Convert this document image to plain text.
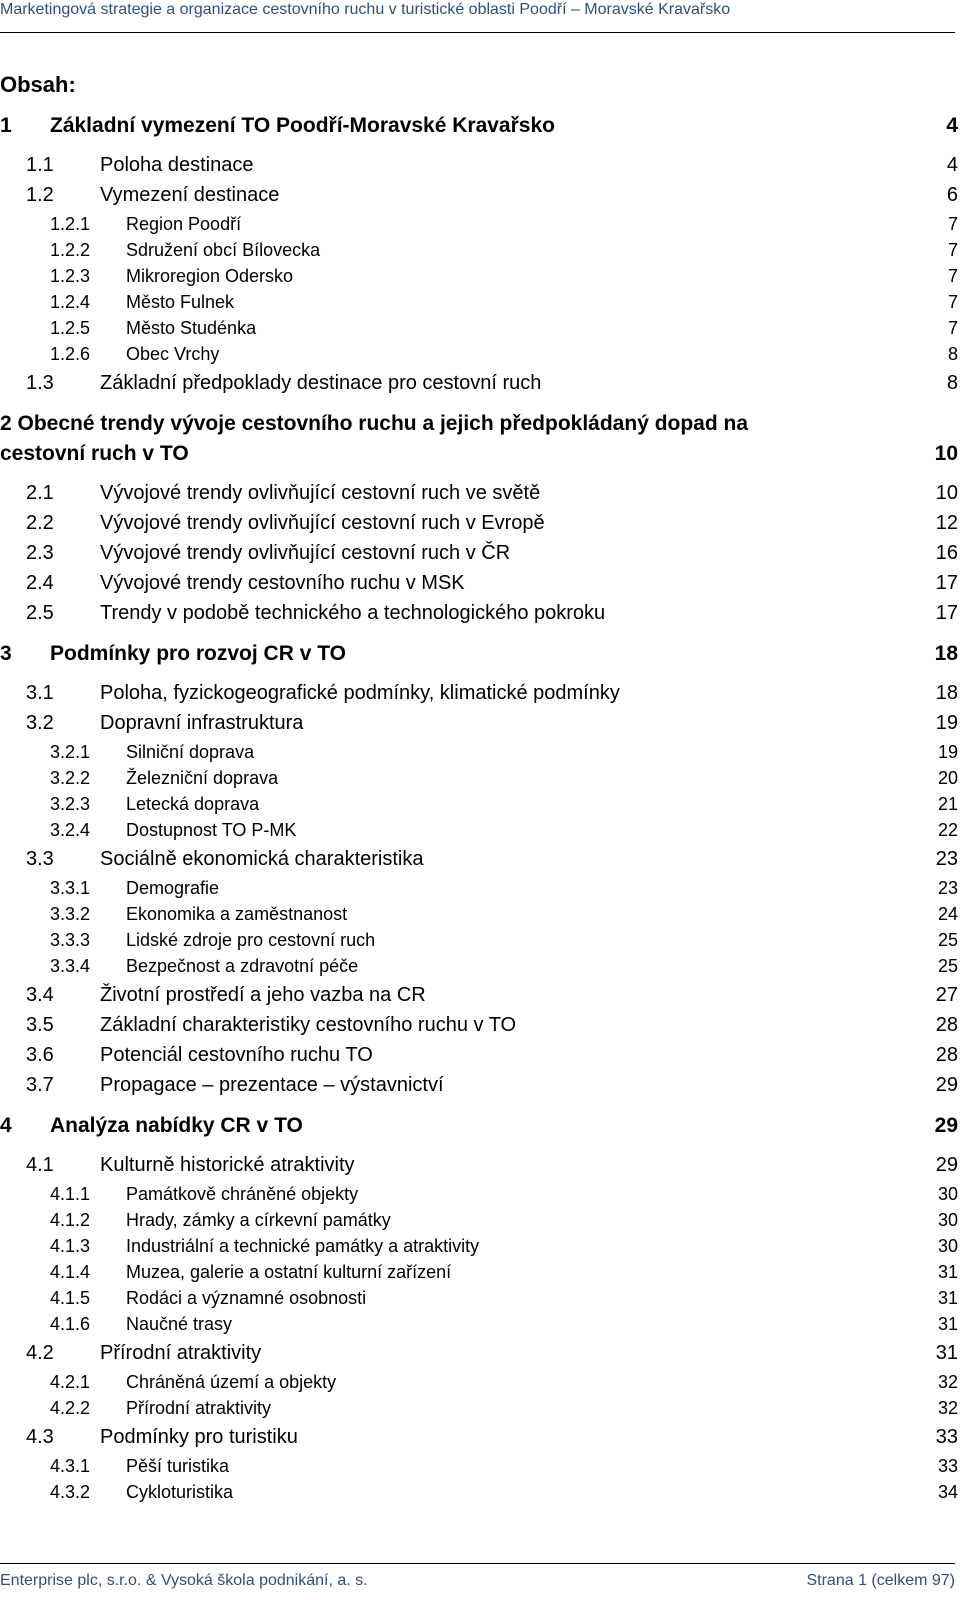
Marketingová strategie a organizace cestovního ruchu v turistické oblasti Poodří – Moravské Kravařsko
Obsah:
1 Základní vymezení TO Poodří-Moravské Kravařsko	4
1.1 Poloha destinace	4
1.2 Vymezení destinace	6
1.2.1 Region Poodří	7
1.2.2 Sdružení obcí Bílovecka	7
1.2.3 Mikroregion Odersko	7
1.2.4 Město Fulnek	7
1.2.5 Město Studénka	7
1.2.6 Obec Vrchy	8
1.3 Základní předpoklady destinace pro cestovní ruch	8
2 Obecné trendy vývoje cestovního ruchu a jejich předpokládaný dopad na
cestovní ruch v TO	10
2.1 Vývojové trendy ovlivňující cestovní ruch ve světě	10
2.2 Vývojové trendy ovlivňující cestovní ruch v Evropě	12
2.3 Vývojové trendy ovlivňující cestovní ruch v ČR	16
2.4 Vývojové trendy cestovního ruchu v MSK	17
2.5 Trendy v podobě technického a technologického pokroku	17
3 Podmínky pro rozvoj CR v TO	18
3.1 Poloha, fyzickogeografické podmínky, klimatické podmínky	18
3.2 Dopravní infrastruktura	19
3.2.1 Silniční doprava	19
3.2.2 Železniční doprava	20
3.2.3 Letecká doprava	21
3.2.4 Dostupnost TO P-MK	22
3.3 Sociálně ekonomická charakteristika	23
3.3.1 Demografie	23
3.3.2 Ekonomika a zaměstnanost	24
3.3.3 Lidské zdroje pro cestovní ruch	25
3.3.4 Bezpečnost a zdravotní péče	25
3.4 Životní prostředí a jeho vazba na CR	27
3.5 Základní charakteristiky cestovního ruchu v TO	28
3.6 Potenciál cestovního ruchu TO	28
3.7 Propagace – prezentace – výstavnictví	29
4 Analýza nabídky CR v TO	29
4.1 Kulturně historické atraktivity	29
4.1.1 Památkově chráněné objekty	30
4.1.2 Hrady, zámky a církevní památky	30
4.1.3 Industriální a technické památky a atraktivity	30
4.1.4 Muzea, galerie a ostatní kulturní zařízení	31
4.1.5 Rodáci a významné osobnosti	31
4.1.6 Naučné trasy	31
4.2 Přírodní atraktivity	31
4.2.1 Chráněná území a objekty	32
4.2.2 Přírodní atraktivity	32
4.3 Podmínky pro turistiku	33
4.3.1 Pěší turistika	33
4.3.2 Cykloturistika	34
Enterprise plc, s.r.o. & Vysoká škola podnikání, a. s.	Strana 1 (celkem 97)
